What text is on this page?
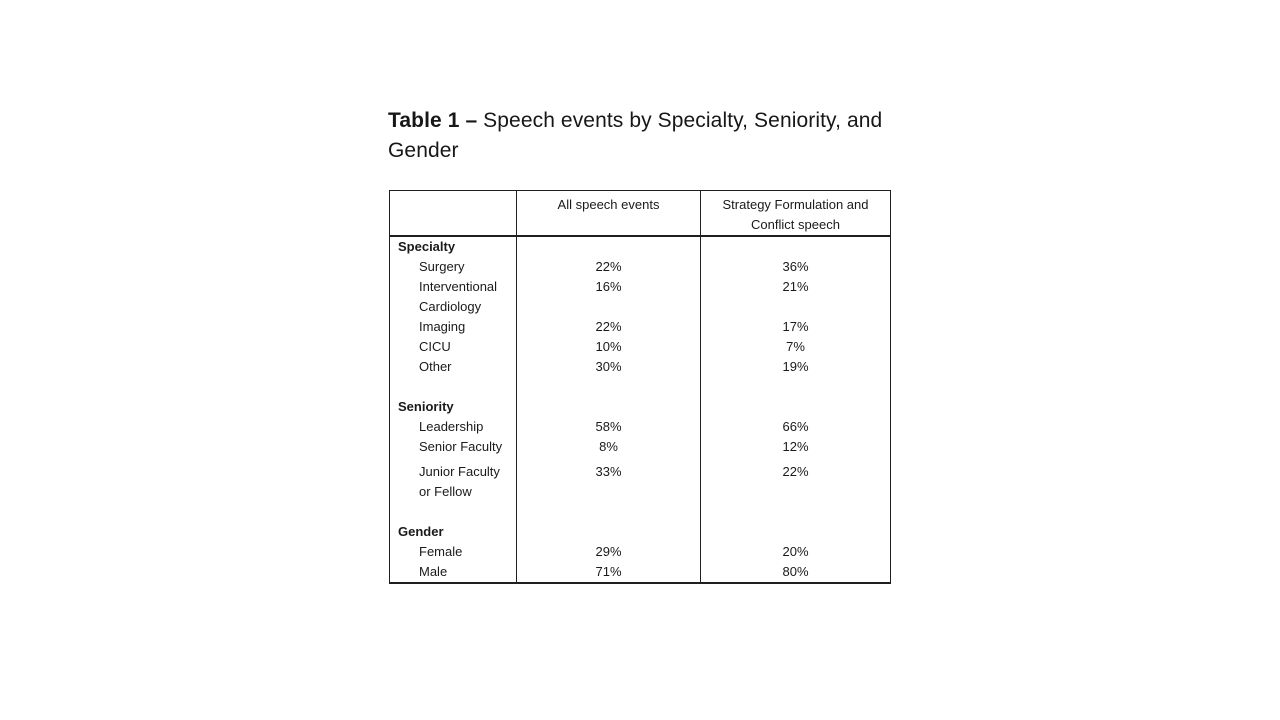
Table 1 – Speech events by Specialty, Seniority, and Gender
	All speech events	Strategy Formulation and Conflict speech
Specialty		
Surgery	22%	36%
Interventional Cardiology	16%	21%
Imaging	22%	17%
CICU	10%	7%
Other	30%	19%

Seniority		
Leadership	58%	66%
Senior Faculty	8%	12%
Junior Faculty or Fellow	33%	22%

Gender		
Female	29%	20%
Male	71%	80%
